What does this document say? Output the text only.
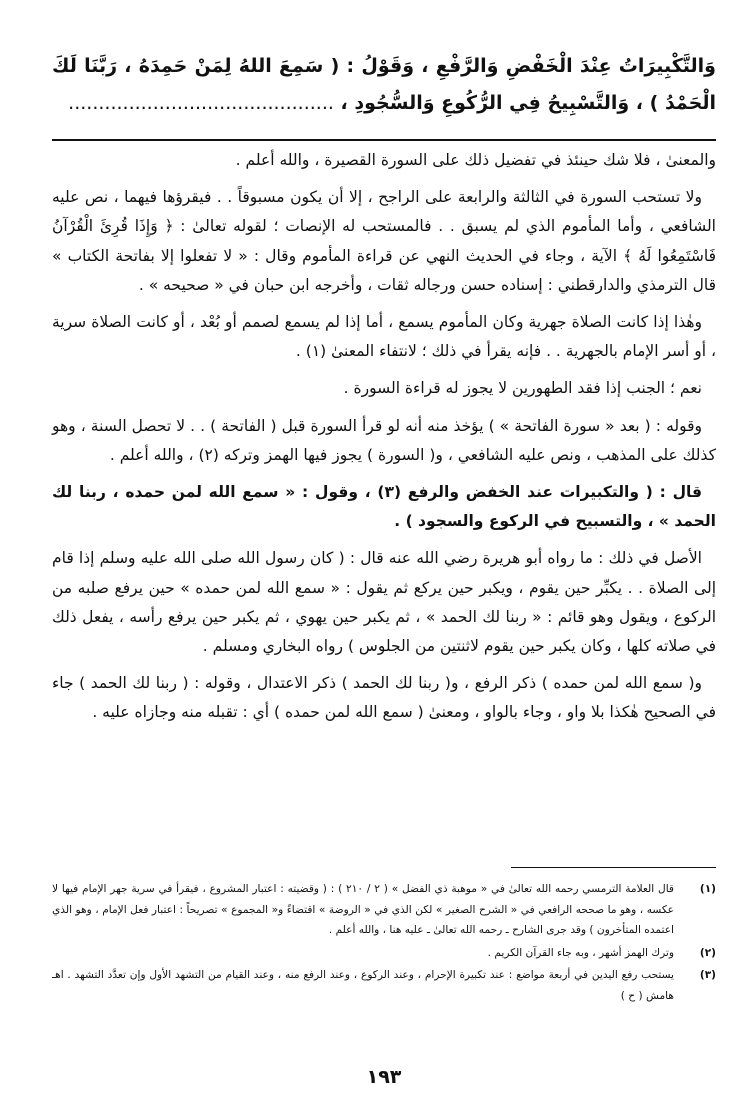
وَالتَّكْبِيرَاتُ عِنْدَ الْخَفْضِ وَالرَّفْعِ ، وَقَوْلُ : ( سَمِعَ اللهُ لِمَنْ حَمِدَهُ ، رَبَّنَا لَكَ الْحَمْدُ ) ، وَالتَّسْبِيحُ فِي الرُّكُوعِ وَالسُّجُودِ ، ............................................

والمعنىٰ ، فلا شك حينئذ في تفضيل ذلك على السورة القصيرة ، والله أعلم .

ولا تستحب السورة في الثالثة والرابعة على الراجح ، إلا أن يكون مسبوقاً . . فيقرؤها فيهما ، نص عليه الشافعي ، وأما المأموم الذي لم يسبق . . فالمستحب له الإنصات ؛ لقوله تعالىٰ : ﴿ وَإِذَا قُرِئَ الْقُرْآنُ فَاسْتَمِعُوا لَهُ ﴾ الآية ، وجاء في الحديث النهي عن قراءة المأموم وقال : « لا تفعلوا إلا بفاتحة الكتاب » قال الترمذي والدارقطني : إسناده حسن ورجاله ثقات ، وأخرجه ابن حبان في « صحيحه » .

وهٰذا إذا كانت الصلاة جهرية وكان المأموم يسمع ، أما إذا لم يسمع لصمم أو بُعْد ، أو كانت الصلاة سرية ، أو أسر الإمام بالجهرية . . فإنه يقرأ في ذلك ؛ لانتفاء المعنىٰ (١) .

نعم ؛ الجنب إذا فقد الطهورين لا يجوز له قراءة السورة .

وقوله : ( بعد « سورة الفاتحة » ) يؤخذ منه أنه لو قرأ السورة قبل ( الفاتحة ) . . لا تحصل السنة ، وهو كذلك على المذهب ، ونص عليه الشافعي ، و( السورة ) يجوز فيها الهمز وتركه (٢) ، والله أعلم .

قال : ( والتكبيرات عند الخفض والرفع (٣) ، وقول : « سمع الله لمن حمده ، ربنا لك الحمد » ، والتسبيح في الركوع والسجود ) .

الأصل في ذلك : ما رواه أبو هريرة رضي الله عنه قال : ( كان رسول الله صلى الله عليه وسلم إذا قام إلى الصلاة . . يكبِّر حين يقوم ، ويكبر حين يركع ثم يقول : « سمع الله لمن حمده » حين يرفع صلبه من الركوع ، ويقول وهو قائم : « ربنا لك الحمد » ، ثم يكبر حين يهوي ، ثم يكبر حين يرفع رأسه ، يفعل ذلك في صلاته كلها ، وكان يكبر حين يقوم لاثنتين من الجلوس ) رواه البخاري ومسلم .

و( سمع الله لمن حمده ) ذكر الرفع ، و( ربنا لك الحمد ) ذكر الاعتدال ، وقوله : ( ربنا لك الحمد ) جاء في الصحيح هٰكذا بلا واو ، وجاء بالواو ، ومعنىٰ ( سمع الله لمن حمده ) أي : تقبله منه وجازاه عليه .

(١)
قال العلامة الترمسي رحمه الله تعالىٰ في « موهبة ذي الفضل » ( ٢ / ٢١٠ ) : ( وقضيته : اعتبار المشروع ، فيقرأ في سرية جهر الإمام فيها لا عكسه ، وهو ما صححه الرافعي في « الشرح الصغير » لكن الذي في « الروضة » اقتضاءً و« المجموع » تصريحاً : اعتبار فعل الإمام ، وهو الذي اعتمده المتأخرون ) وقد جرى الشارح ـ رحمه الله تعالىٰ ـ عليه هنا ، والله أعلم .
(٢)
وترك الهمز أشهر ، وبه جاء القرآن الكريم .
(٣)
يستحب رفع اليدين في أربعة مواضع : عند تكبيرة الإحرام ، وعند الركوع ، وعند الرفع منه ، وعند القيام من التشهد الأول وإن تعدَّد التشهد . اهـ هامش ( ح )
١٩٣
